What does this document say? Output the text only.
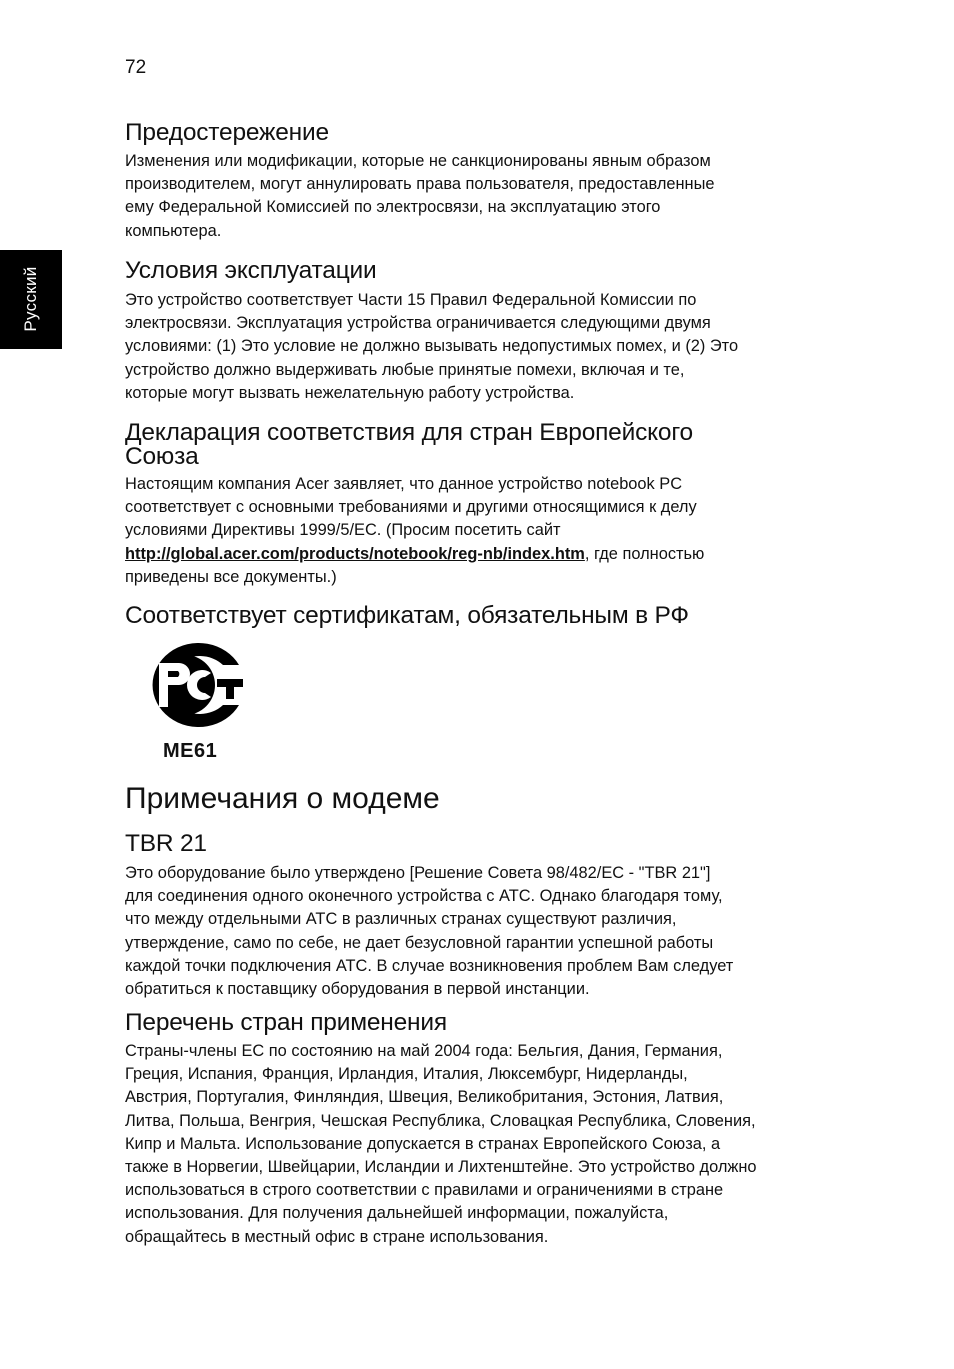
72
Русский
Предостережение

Изменения или модификации, которые не санкционированы явным образом
производителем, могут аннулировать права пользователя, предоставленные
ему Федеральной Комиссией по электросвязи, на эксплуатацию этого
компьютера.

Условия эксплуатации

Это устройство соответствует Части 15 Правил Федеральной Комиссии по
электросвязи. Эксплуатация устройства ограничивается следующими двумя
условиями: (1) Это условие не должно вызывать недопустимых помех, и (2) Это
устройство должно выдерживать любые принятые помехи, включая и те,
которые могут вызвать нежелательную работу устройства.

Декларация соответствия для стран Европейского
Союза

Настоящим компания Acer заявляет, что данное устройство notebook PC
соответствует с основными требованиями и другими относящимися к делу
условиями Директивы 1999/5/EC. (Просим посетить сайт
http://global.acer.com/products/notebook/reg-nb/index.htm, где полностью
приведены все документы.)

Соответствует сертификатам, обязательным в РФ
ME61
Примечания о модеме
TBR 21

Это оборудование было утверждено [Решение Совета 98/482/EC - "TBR 21"]
для соединения одного оконечного устройства с АТС. Однако благодаря тому,
что между отдельными АТС в различных странах существуют различия,
утверждение, само по себе, не дает безусловной гарантии успешной работы
каждой точки подключения АТС. В случае возникновения проблем Вам следует
обратиться к поставщику оборудования в первой инстанции.

Перечень стран применения

Страны-члены ЕС по состоянию на май 2004 года: Бельгия, Дания, Германия,
Греция, Испания, Франция, Ирландия, Италия, Люксембург, Нидерланды,
Австрия, Португалия, Финляндия, Швеция, Великобритания, Эстония, Латвия,
Литва, Польша, Венгрия, Чешская Республика, Словацкая Республика, Словения,
Кипр и Мальта. Использование допускается в странах Европейского Союза, а
также в Норвегии, Швейцарии, Исландии и Лихтенштейне. Это устройство должно
использоваться в строго соответствии с правилами и ограничениями в стране
использования. Для получения дальнейшей информации, пожалуйста,
обращайтесь в местный офис в стране использования.
